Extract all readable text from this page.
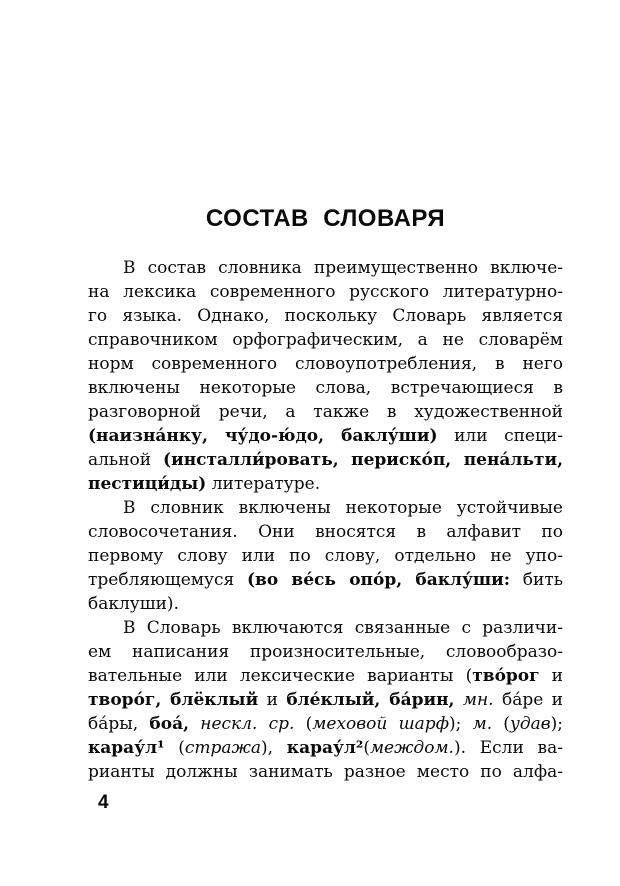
СОСТАВ  СЛОВАРЯ
В состав словника преимущественно включе-
на лексика современного русского литературно-
го языка. Однако, поскольку Словарь является
справочником орфографическим, а не словарём
норм современного словоупотребления, в него
включены некоторые слова, встречающиеся в
разговорной речи, а также в художественной
(наизна́нку, чу́до-ю́до, баклу́ши) или специ-
альной (инсталли́ровать, периско́п, пена́льти,
пестици́ды) литературе.
В словник включены некоторые устойчивые
словосочетания. Они вносятся в алфавит по
первому слову или по слову, отдельно не упо-
требляющемуся (во ве́сь опо́р, баклу́ши: бить
баклуши).
В Словарь включаются связанные с различи-
ем написания произносительные, словообразо-
вательные или лексические варианты (тво́рог и
творо́г, блёклый и бле́клый, ба́рин, мн. ба́ре и
ба́ры, боа́, нескл. ср. (меховой шарф); м. (удав);
карау́л¹ (стража), карау́л²(междом.). Если ва-
рианты должны занимать разное место по алфа-
4
